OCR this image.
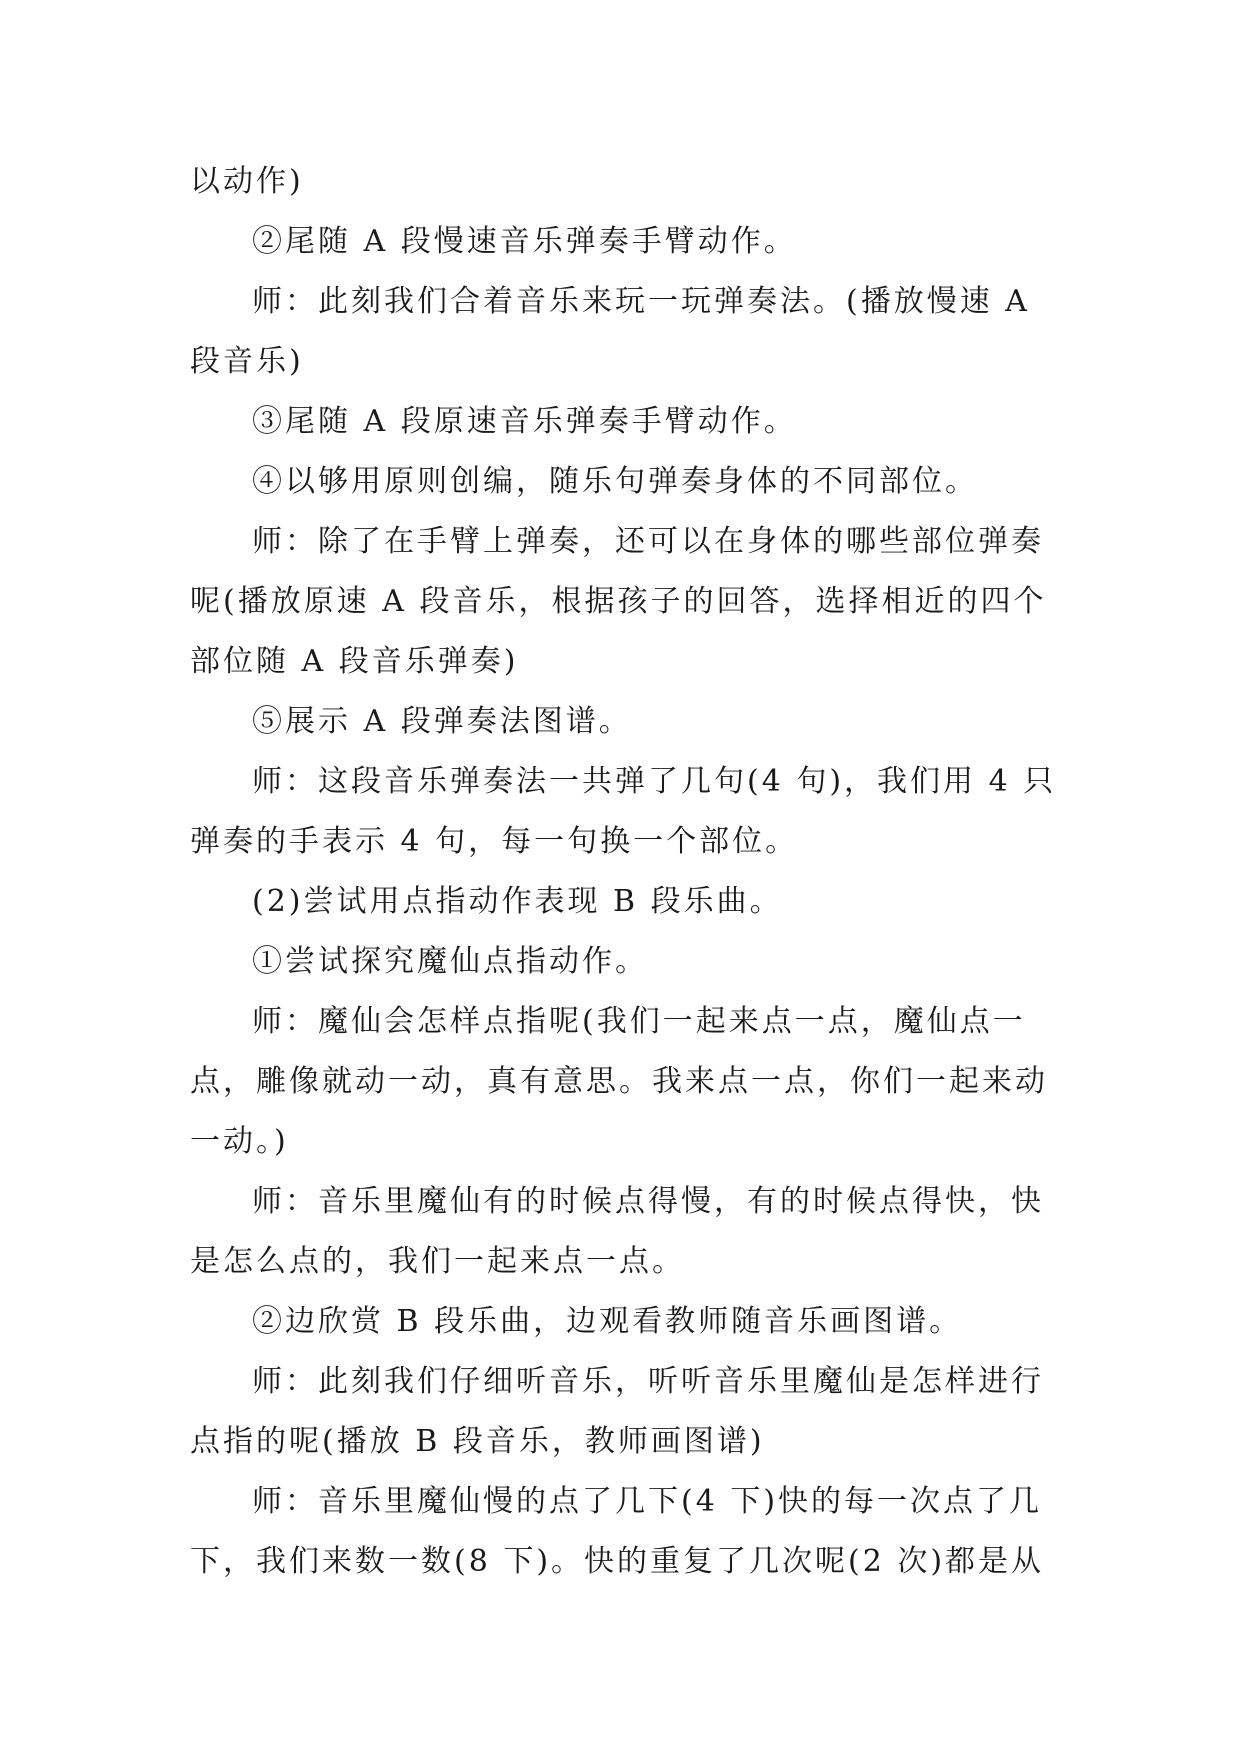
以动作)
②尾随 A 段慢速音乐弹奏手臂动作。
师：此刻我们合着音乐来玩一玩弹奏法。(播放慢速 A
段音乐)
③尾随 A 段原速音乐弹奏手臂动作。
④以够用原则创编，随乐句弹奏身体的不同部位。
师：除了在手臂上弹奏，还可以在身体的哪些部位弹奏
呢(播放原速 A 段音乐，根据孩子的回答，选择相近的四个
部位随 A 段音乐弹奏)
⑤展示 A 段弹奏法图谱。
师：这段音乐弹奏法一共弹了几句(4 句)，我们用 4 只
弹奏的手表示 4 句，每一句换一个部位。
(2)尝试用点指动作表现 B 段乐曲。
①尝试探究魔仙点指动作。
师：魔仙会怎样点指呢(我们一起来点一点，魔仙点一
点，雕像就动一动，真有意思。我来点一点，你们一起来动
一动。)
师：音乐里魔仙有的时候点得慢，有的时候点得快，快
是怎么点的，我们一起来点一点。
②边欣赏 B 段乐曲，边观看教师随音乐画图谱。
师：此刻我们仔细听音乐，听听音乐里魔仙是怎样进行
点指的呢(播放 B 段音乐，教师画图谱)
师：音乐里魔仙慢的点了几下(4 下)快的每一次点了几
下，我们来数一数(8 下)。快的重复了几次呢(2 次)都是从
